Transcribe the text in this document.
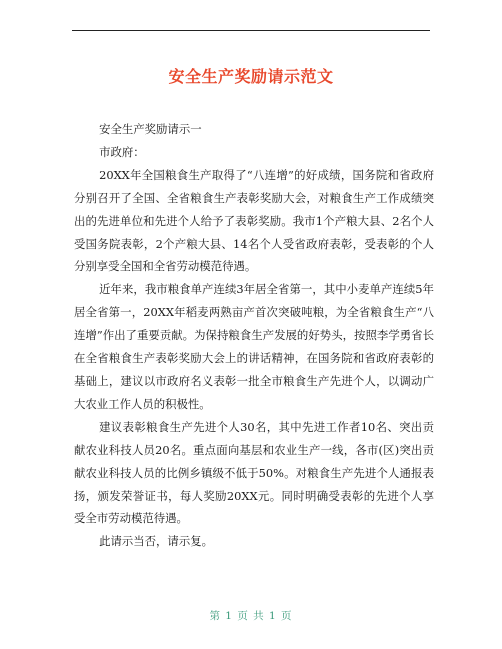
安全生产奖励请示范文

安全生产奖励请示一

市政府：

20XX年全国粮食生产取得了“八连增”的好成绩，国务院和省政府分别召开了全国、全省粮食生产表彰奖励大会，对粮食生产工作成绩突出的先进单位和先进个人给予了表彰奖励。我市1个产粮大县、2名个人受国务院表彰，2个产粮大县、14名个人受省政府表彰，受表彰的个人分别享受全国和全省劳动模范待遇。

近年来，我市粮食单产连续3年居全省第一，其中小麦单产连续5年居全省第一，20XX年稻麦两熟亩产首次突破吨粮，为全省粮食生产“八连增”作出了重要贡献。为保持粮食生产发展的好势头，按照李学勇省长在全省粮食生产表彰奖励大会上的讲话精神，在国务院和省政府表彰的基础上，建议以市政府名义表彰一批全市粮食生产先进个人，以调动广大农业工作人员的积极性。

建议表彰粮食生产先进个人30名，其中先进工作者10名、突出贡献农业科技人员20名。重点面向基层和农业生产一线，各市(区)突出贡献农业科技人员的比例乡镇级不低于50%。对粮食生产先进个人通报表扬，颁发荣誉证书，每人奖励20XX元。同时明确受表彰的先进个人享受全市劳动模范待遇。

此请示当否，请示复。

第 1 页 共 1 页
